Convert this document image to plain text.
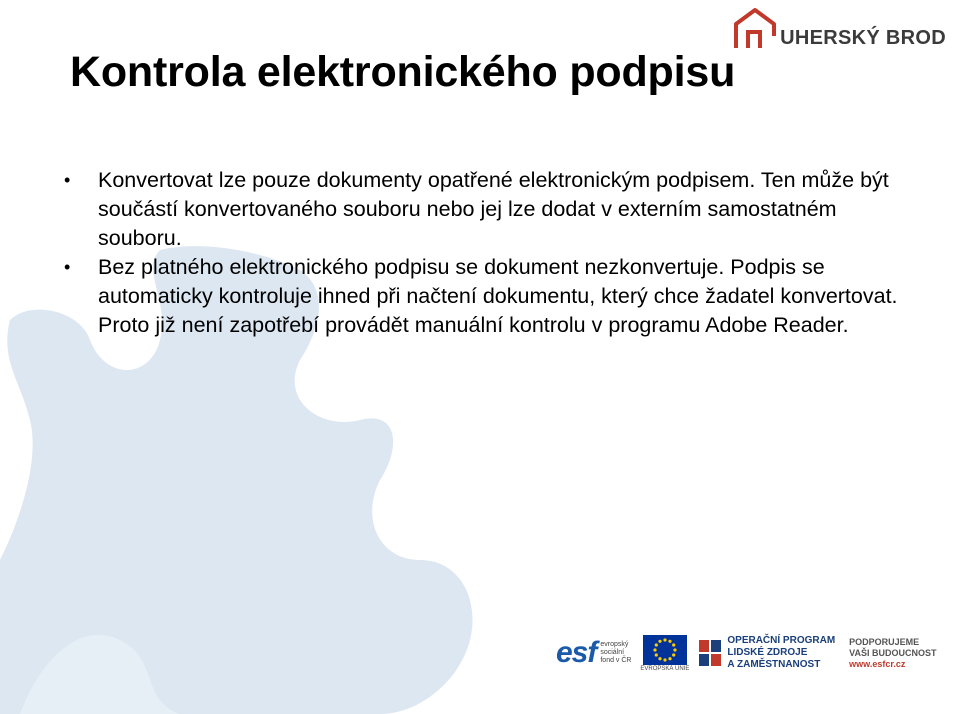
UHERSKÝ BROD
Kontrola elektronického podpisu
• Konvertovat lze pouze dokumenty opatřené elektronickým podpisem. Ten může být součástí konvertovaného souboru nebo jej lze dodat v externím samostatném souboru.
• Bez platného elektronického podpisu se dokument nezkonvertuje. Podpis se automaticky kontroluje ihned při načtení dokumentu, který chce žadatel konvertovat. Proto již není zapotřebí provádět manuální kontrolu v programu Adobe Reader.
esf evropský
sociální
fond v ČR
EVROPSKÁ UNIE
OPERAČNÍ PROGRAM
LIDSKÉ ZDROJE
A ZAMĚSTNANOST
PODPORUJEME
VAŠI BUDOUCNOST
www.esfcr.cz
